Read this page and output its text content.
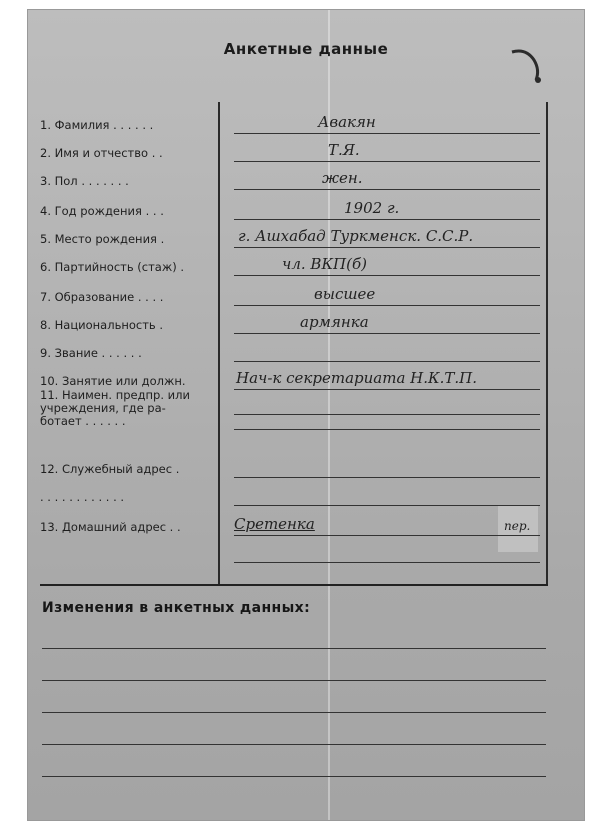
Анкетные данные
1. Фамилия . . . . . .	Авакян
2. Имя и отчество . .	Т.Я.
3. Пол . . . . . . .	жен.
4. Год рождения . . .	1902 г.
5. Место рождения .	г. Ашхабад Туркменск. С.С.Р.
6. Партийность (стаж) .	чл. ВКП(б)
7. Образование . . . .	высшее
8. Национальность .	армянка
9. Звание . . . . . .
10. Занятие или должн.	Нач-к секретариата Н.К.Т.П.
11. Наимен. предпр. или
учреждения, где ра-
ботает . . . . . .
12. Служебный адрес .
. . . . . . . . . . . .
13. Домашний адрес . .	Сретенка	пер.
Изменения в анкетных данных:
